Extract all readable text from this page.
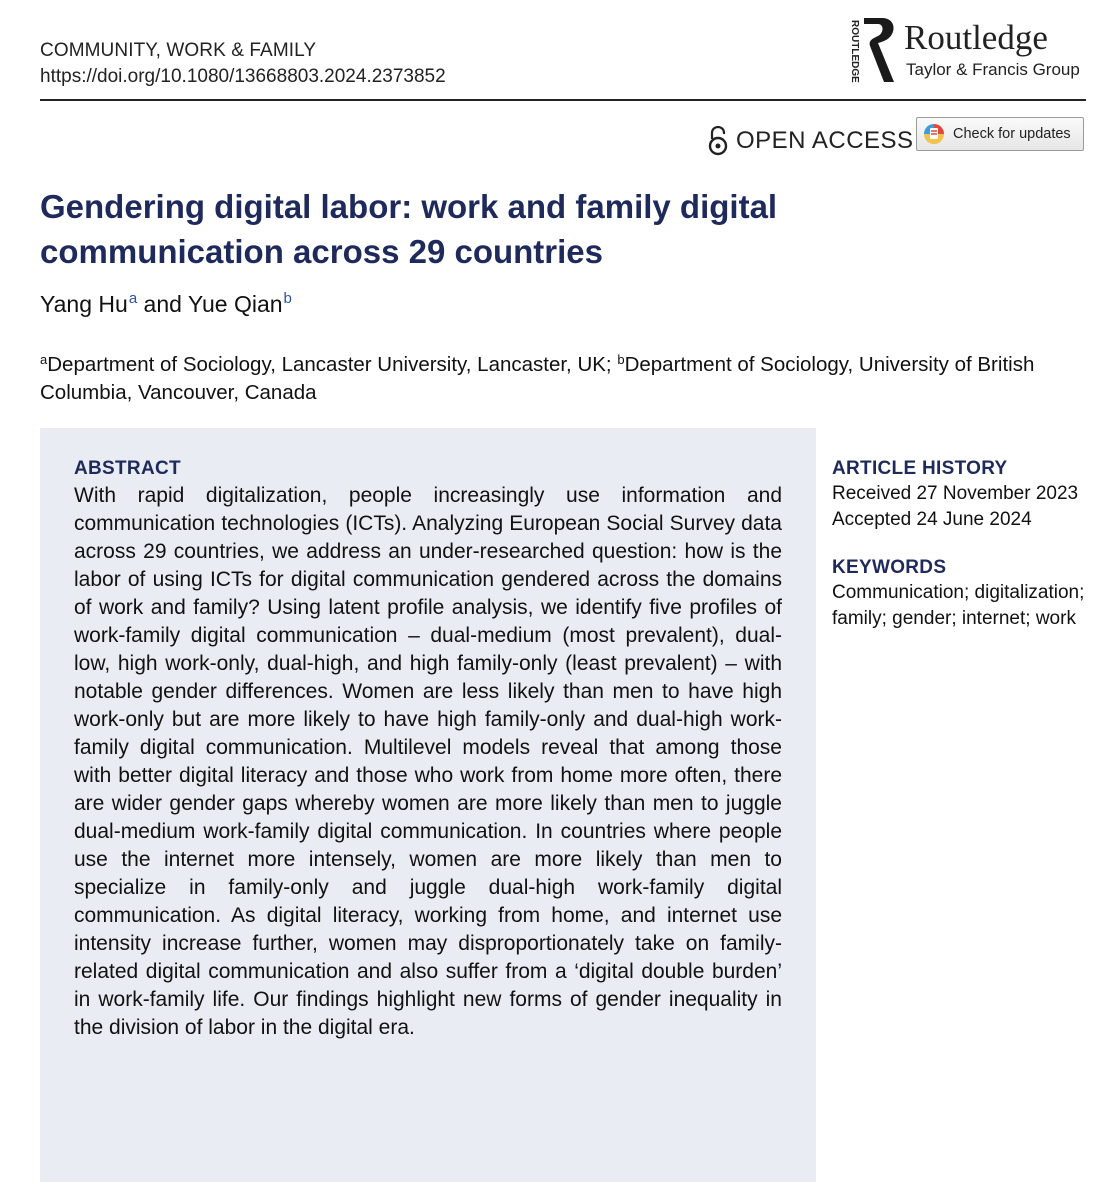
COMMUNITY, WORK & FAMILY
https://doi.org/10.1080/13668803.2024.2373852	ROUTLEDGE Routledge
Taylor & Francis Group
OPEN ACCESS	Check for updates
Gendering digital labor: work and family digital communication across 29 countries
Yang Hu$^a$ and Yue Qian$^b$
$^a$Department of Sociology, Lancaster University, Lancaster, UK; $^b$Department of Sociology, University of British Columbia, Vancouver, Canada
ABSTRACT

With rapid digitalization, people increasingly use information and communication technologies (ICTs). Analyzing European Social Survey data across 29 countries, we address an under-researched question: how is the labor of using ICTs for digital communication gendered across the domains of work and family? Using latent profile analysis, we identify five profiles of work-family digital communication – dual-medium (most prevalent), dual-low, high work-only, dual-high, and high family-only (least prevalent) – with notable gender differences. Women are less likely than men to have high work-only but are more likely to have high family-only and dual-high work-family digital communication. Multilevel models reveal that among those with better digital literacy and those who work from home more often, there are wider gender gaps whereby women are more likely than men to juggle dual-medium work-family digital communication. In countries where people use the internet more intensely, women are more likely than men to specialize in family-only and juggle dual-high work-family digital communication. As digital literacy, working from home, and internet use intensity increase further, women may disproportionately take on family-related digital communication and also suffer from a ‘digital double burden’ in work-family life. Our findings highlight new forms of gender inequality in the division of labor in the digital era.

ARTICLE HISTORY
Received 27 November 2023
Accepted 24 June 2024
KEYWORDS
Communication; digitalization; family; gender; internet; work
